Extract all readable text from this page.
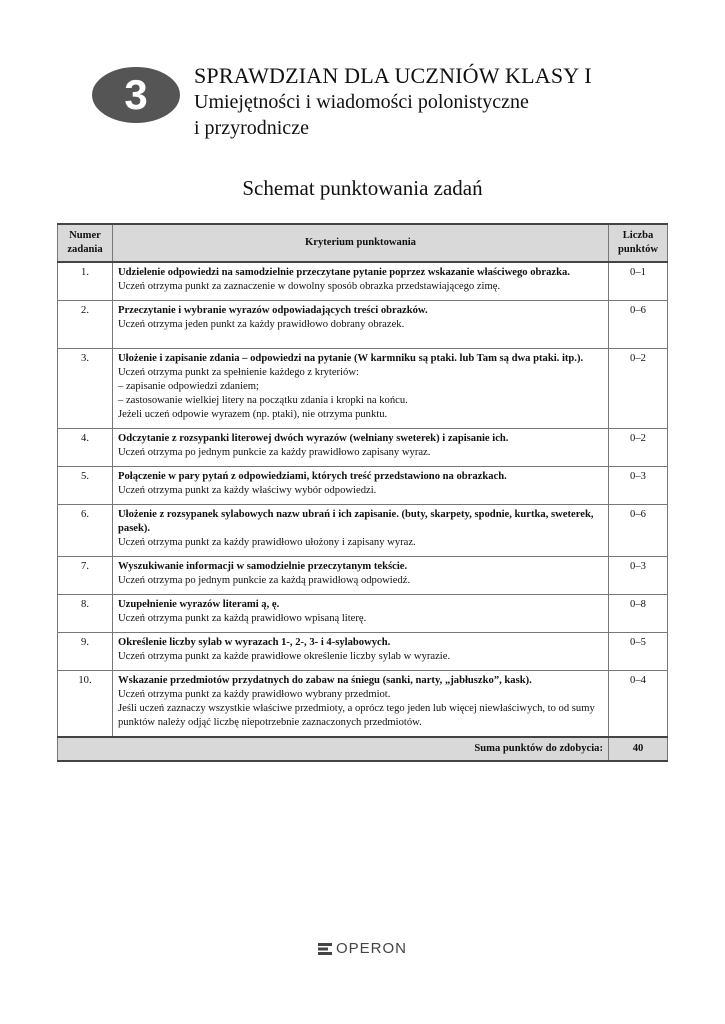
3 SPRAWDZIAN DLA UCZNIÓW KLASY I
Umiejętności i wiadomości polonistyczne
i przyrodnicze
Schemat punktowania zadań
Numer zadania	Kryterium punktowania	Liczba punktów
1.	Udzielenie odpowiedzi na samodzielnie przeczytane pytanie poprzez wskazanie właściwego obrazka.
Uczeń otrzyma punkt za zaznaczenie w dowolny sposób obrazka przedstawiającego zimę.	0–1
2.	Przeczytanie i wybranie wyrazów odpowiadających treści obrazków.
Uczeń otrzyma jeden punkt za każdy prawidłowo dobrany obrazek.	0–6
3.	Ułożenie i zapisanie zdania – odpowiedzi na pytanie (W karmniku są ptaki. lub Tam są dwa ptaki. itp.).
Uczeń otrzyma punkt za spełnienie każdego z kryteriów:
– zapisanie odpowiedzi zdaniem;
– zastosowanie wielkiej litery na początku zdania i kropki na końcu.
Jeżeli uczeń odpowie wyrazem (np. ptaki), nie otrzyma punktu.	0–2
4.	Odczytanie z rozsypanki literowej dwóch wyrazów (wełniany sweterek) i zapisanie ich.
Uczeń otrzyma po jednym punkcie za każdy prawidłowo zapisany wyraz.	0–2
5.	Połączenie w pary pytań z odpowiedziami, których treść przedstawiono na obrazkach.
Uczeń otrzyma punkt za każdy właściwy wybór odpowiedzi.	0–3
6.	Ułożenie z rozsypanek sylabowych nazw ubrań i ich zapisanie. (buty, skarpety, spodnie, kurtka, sweterek, pasek).
Uczeń otrzyma punkt za każdy prawidłowo ułożony i zapisany wyraz.	0–6
7.	Wyszukiwanie informacji w samodzielnie przeczytanym tekście.
Uczeń otrzyma po jednym punkcie za każdą prawidłową odpowiedź.	0–3
8.	Uzupełnienie wyrazów literami ą, ę.
Uczeń otrzyma punkt za każdą prawidłowo wpisaną literę.	0–8
9.	Określenie liczby sylab w wyrazach 1-, 2-, 3- i 4-sylabowych.
Uczeń otrzyma punkt za każde prawidłowe określenie liczby sylab w wyrazie.	0–5
10.	Wskazanie przedmiotów przydatnych do zabaw na śniegu (sanki, narty, „jabłuszko”, kask).
Uczeń otrzyma punkt za każdy prawidłowo wybrany przedmiot.
Jeśli uczeń zaznaczy wszystkie właściwe przedmioty, a oprócz tego jeden lub więcej niewłaściwych, to od sumy punktów należy odjąć liczbę niepotrzebnie zaznaczonych przedmiotów.	0–4
Suma punktów do zdobycia:		40
OPERON
